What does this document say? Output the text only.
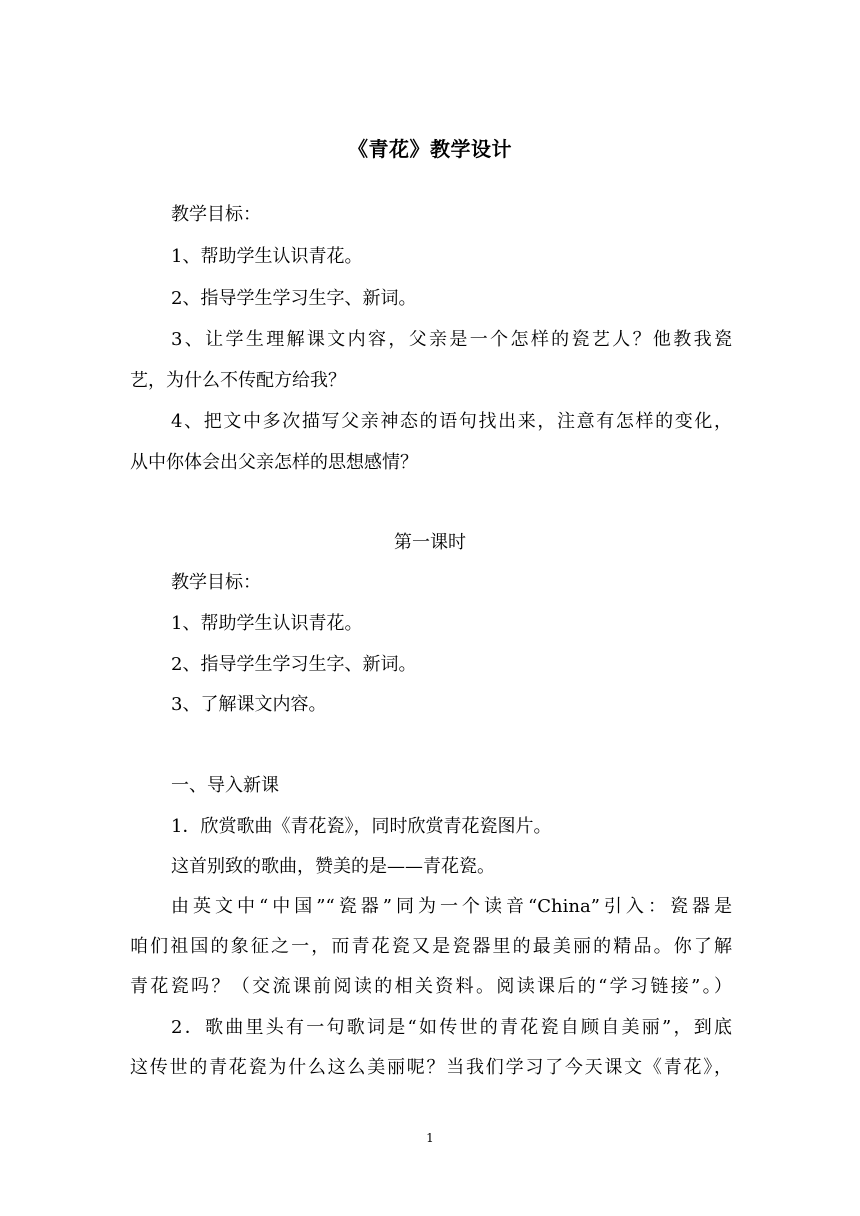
《青花》教学设计
教学目标：
1、帮助学生认识青花。
2、指导学生学习生字、新词。
3、让学生理解课文内容，父亲是一个怎样的瓷艺人？他教我瓷
艺，为什么不传配方给我？
4、把文中多次描写父亲神态的语句找出来，注意有怎样的变化，
从中你体会出父亲怎样的思想感情？
第一课时
教学目标：
1、帮助学生认识青花。
2、指导学生学习生字、新词。
3、了解课文内容。
一、导入新课
1．欣赏歌曲《青花瓷》，同时欣赏青花瓷图片。
这首别致的歌曲，赞美的是——青花瓷。
由英文中“中国”“瓷器”同为一个读音“China”引入：瓷器是
咱们祖国的象征之一，而青花瓷又是瓷器里的最美丽的精品。你了解
青花瓷吗？（交流课前阅读的相关资料。阅读课后的“学习链接”。）
2．歌曲里头有一句歌词是“如传世的青花瓷自顾自美丽”，到底
这传世的青花瓷为什么这么美丽呢？当我们学习了今天课文《青花》，
1
